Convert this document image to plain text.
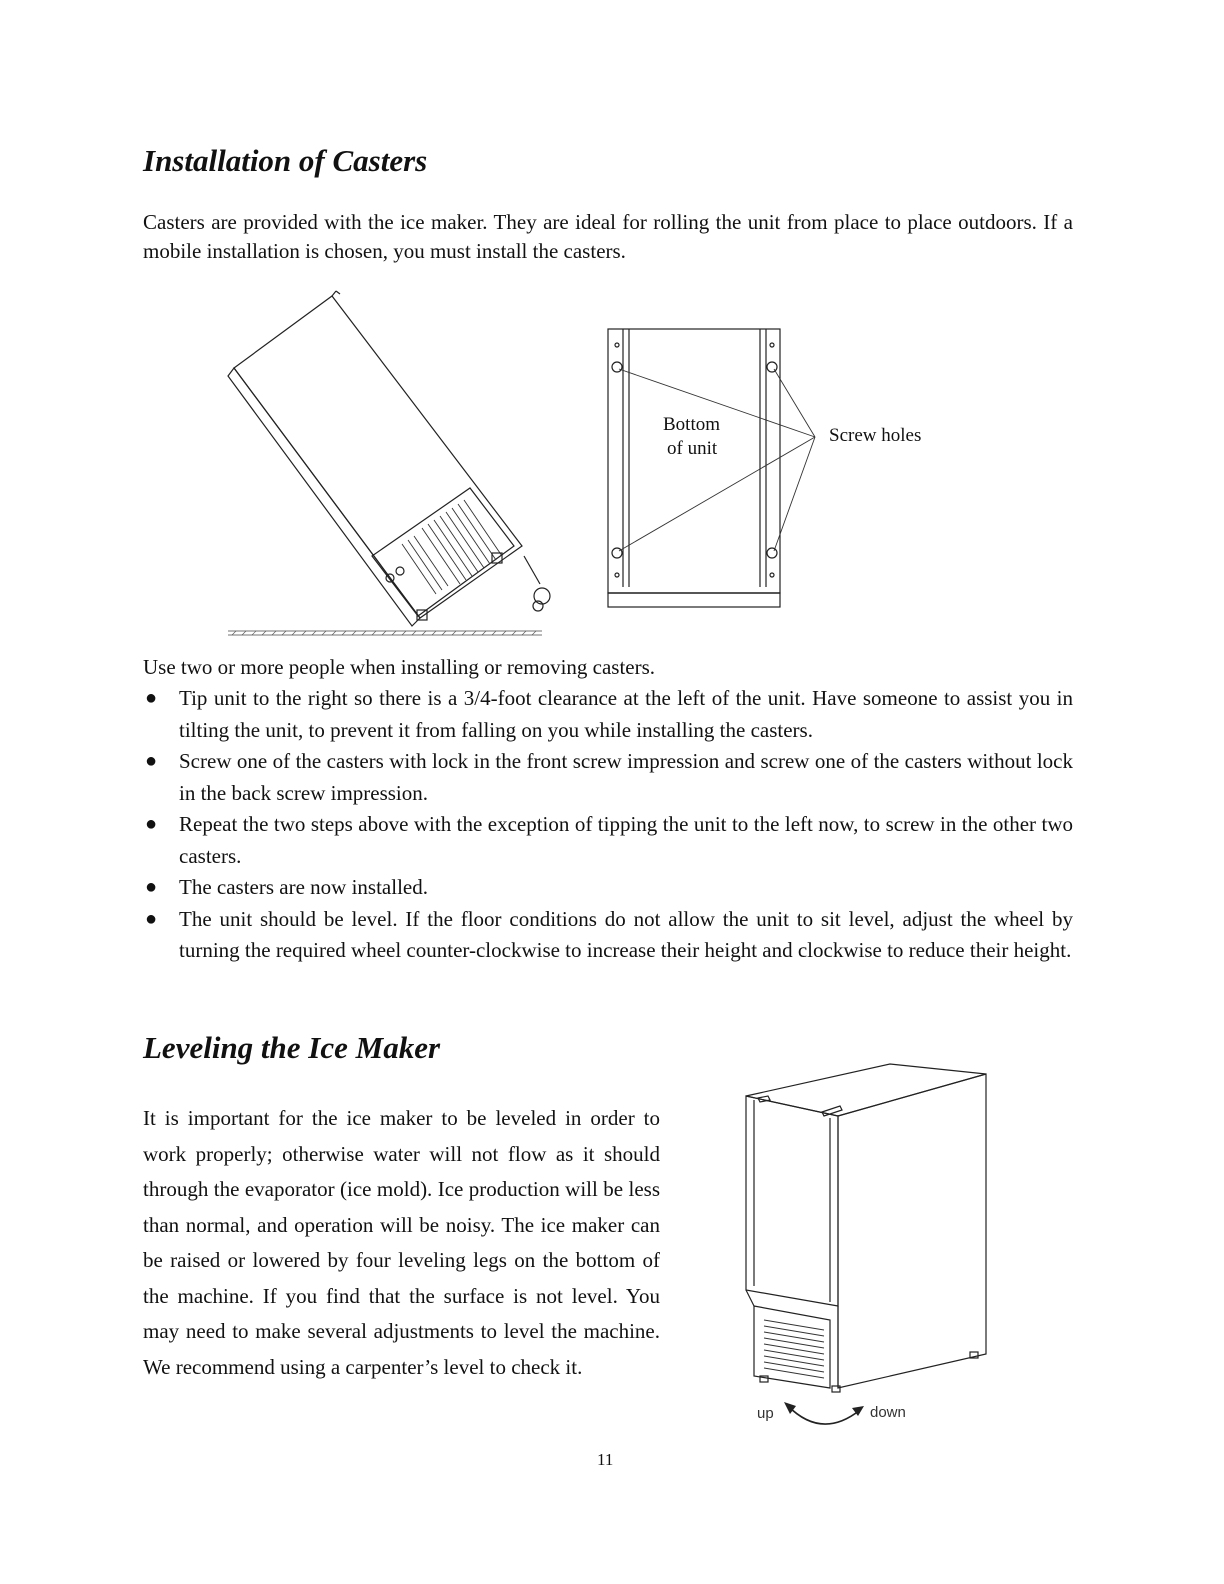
Installation of Casters
Casters are provided with the ice maker. They are ideal for rolling the unit from place to place outdoors. If a mobile installation is chosen, you must install the casters.
Bottom
of unit
Screw holes
Use two or more people when installing or removing casters.
● Tip unit to the right so there is a 3/4-foot clearance at the left of the unit. Have someone to assist you in tilting the unit, to prevent it from falling on you while installing the casters.
● Screw one of the casters with lock in the front screw impression and screw one of the casters without lock in the back screw impression.
● Repeat the two steps above with the exception of tipping the unit to the left now, to screw in the other two casters.
● The casters are now installed.
● The unit should be level. If the floor conditions do not allow the unit to sit level, adjust the wheel by turning the required wheel counter-clockwise to increase their height and clockwise to reduce their height.
Leveling the Ice Maker
It is important for the ice maker to be leveled in order to work properly; otherwise water will not flow as it should through the evaporator (ice mold). Ice production will be less than normal, and operation will be noisy. The ice maker can be raised or lowered by four leveling legs on the bottom of the machine. If you find that the surface is not level. You may need to make several adjustments to level the machine. We recommend using a carpenter’s level to check it.
up	down
11
